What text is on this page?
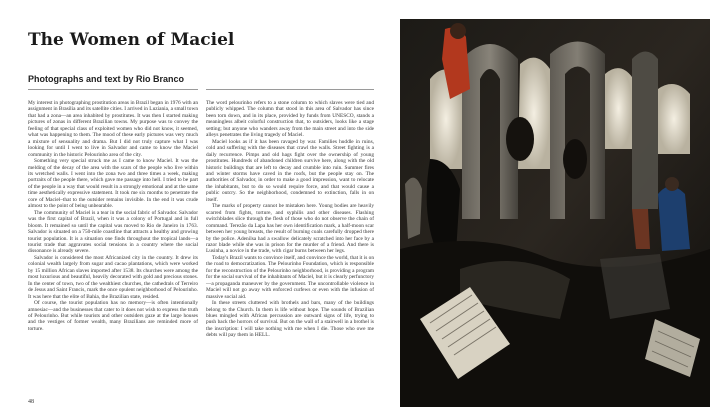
The Women of Maciel
Photographs and text by Rio Branco

My interest in photographing prostitution areas in Brazil began in 1976 with an assignment in Brasília and its satellite cities. I arrived in Luziania, a small town that had a zona—an area inhabited by prostitutes. It was then I started making pictures of zonas in different Brazilian towns. My purpose was to convey the feeling of that special class of exploited women who did not know, it seemed, what was happening to them. The mood of these early pictures was very much a mixture of sensuality and drama. But I did not truly capture what I was looking for until I went to live in Salvador and came to know the Maciel community in the historic Pelourinho area of the city.

Something very special struck me as I came to know Maciel. It was the melding of the decay of the area with the scars of the people who live within its wretched walls. I went into the zona two and three times a week, making portraits of the people there, which gave me passage into hell. I tried to be part of the people in a way that would result in a strongly emotional and at the same time aesthetically expressive statement. It took me six months to penetrate the core of Maciel–that to the outsider remains invisible. In the end it was crude almost to the point of being unbearable.

The community of Maciel is a tear in the social fabric of Salvador. Salvador was the first capital of Brazil, when it was a colony of Portugal and in full bloom. It remained so until the capital was moved to Rio de Janeiro in 1763. Salvador is situated on a 750-mile coastline that attracts a healthy and growing tourist population. It is a situation one finds throughout the tropical lands—a tourist trade that aggravates social tensions in a country where the social dissonance is already severe.

Salvador is considered the most Africanized city in the country. It drew its colonial wealth largely from sugar and cacao plantations, which were worked by 15 million African slaves imported after 1538. Its churches were among the most luxurious and beautiful, heavily decorated with gold and precious stones. In the center of town, two of the wealthiest churches, the cathedrals of Terreiro de Jesus and Saint Francis, mark the once opulent neighborhood of Pelourinho. It was here that the elite of Bahia, the Brazilian state, resided.

Of course, the tourist population has no memory—is often intentionally amnesiac—and the businesses that cater to it does not wish to express the truth of Pelourinho. But while tourists and other outsiders gaze at the large houses and the vestiges of former wealth, many Brazilians are reminded more of torture.

The word pelourinho refers to a stone column to which slaves were tied and publicly whipped. The column that stood in this area of Salvador has since been torn down, and in its place, provided by funds from UNESCO, stands a meaningless albeit colorful construction that, to outsiders, looks like a stage setting; but anyone who wanders away from the main street and into the side alleys penetrates the living tragedy of Maciel.

Maciel looks as if it has been ravaged by war. Families huddle in ruins, cold and suffering with the diseases that crawl the walls. Street fighting is a daily recurrence. Pimps and old hags fight over the ownership of young prostitutes. Hundreds of abandoned children survive here, along with the old historic buildings that are left to decay and crumble into ruin. Summer fires and winter storms have caved in the roofs, but the people stay on. The authorities of Salvador, in order to make a good impression, want to relocate the inhabitants, but to do so would require force, and that would cause a public outcry. So the neighborhood, condemned to extinction, falls in on itself.

The marks of property cannot be mistaken here. Young bodies are heavily scarred from fights, torture, and syphilis and other diseases. Flashing switchblades slice through the flesh of those who do not observe the chain of command. Terezão da Lapa has her own identification mark, a half-moon scar between her young breasts, the result of burning coals carefully dropped there by the police. Adenilsa had a swallow delicately scratched into her face by a razor blade while she was in prison for the murder of a friend. And there is Lusinha, a novice in the trade, with cigar burns between her legs.

Today's Brazil wants to convince itself, and convince the world, that it is on the road to democratization. The Pelourinho Foundation, which is responsible for the reconstruction of the Pelourinho neighborhood, is providing a program for the social survival of the inhabitants of Maciel, but it is clearly perfunctory—a propaganda maneuver by the government. The uncontrollable violence in Maciel will not go away with enforced curfews or even with the infusion of massive social aid.

In these streets cluttered with brothels and bars, many of the buildings belong to the Church. In them is life without hope. The sounds of Brazilian blues mingled with African percussion are outward signs of life, trying to push back the horrors of survival. But on the wall of a stairwell in a brothel is the inscription: I will take nothing with me when I die. Those who owe me debts will pay them in HELL.

48
